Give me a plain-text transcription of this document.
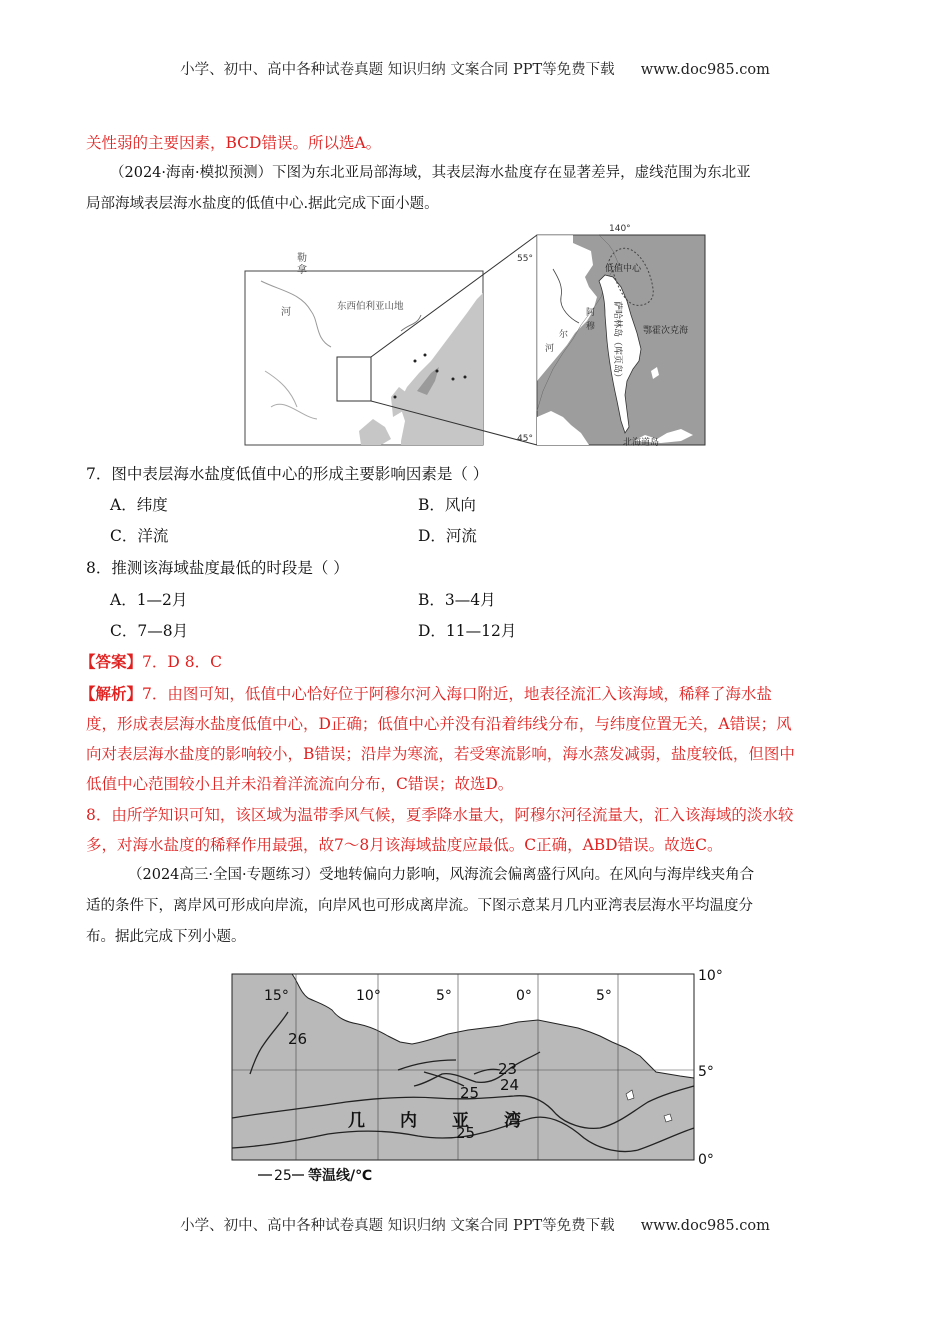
小学、初中、高中各种试卷真题 知识归纳 文案合同 PPT等免费下载 www.doc985.com
关性弱的主要因素，BCD错误。所以选A。
（2024·海南·模拟预测）下图为东北亚局部海域，其表层海水盐度存在显著差异，虚线范围为东北亚
局部海域表层海水盐度的低值中心.据此完成下面小题。
勒
拿
河
东西伯利亚山地
140°
55°
45°
低值中心
阿
穆
尔
河	萨哈林岛（库页岛） 鄂霍次克海
北海道岛
7．图中表层海水盐度低值中心的形成主要影响因素是（ ）
A．纬度	B．风向
C．洋流	D．河流
8．推测该海域盐度最低的时段是（ ）
A．1—2月	B．3—4月
C．7—8月	D．11—12月
【答案】7．D 8．C
【解析】7．由图可知，低值中心恰好位于阿穆尔河入海口附近，地表径流汇入该海域，稀释了海水盐
度，形成表层海水盐度低值中心，D正确；低值中心并没有沿着纬线分布，与纬度位置无关，A错误；风
向对表层海水盐度的影响较小，B错误；沿岸为寒流，若受寒流影响，海水蒸发减弱，盐度较低，但图中
低值中心范围较小且并未沿着洋流流向分布，C错误；故选D。
8．由所学知识可知，该区域为温带季风气候，夏季降水量大，阿穆尔河径流量大，汇入该海域的淡水较
多，对海水盐度的稀释作用最强，故7～8月该海域盐度应最低。C正确，ABD错误。故选C。
（2024高三·全国·专题练习）受地转偏向力影响，风海流会偏离盛行风向。在风向与海岸线夹角合
适的条件下，离岸风可形成向岸流，向岸风也可形成离岸流。下图示意某月几内亚湾表层海水平均温度分
布。据此完成下列小题。
15°	10°	5°	0°	5°
10°
5°
0°
26
23
24
25
25
几 内 亚 湾
25 等温线/℃
小学、初中、高中各种试卷真题 知识归纳 文案合同 PPT等免费下载 www.doc985.com
